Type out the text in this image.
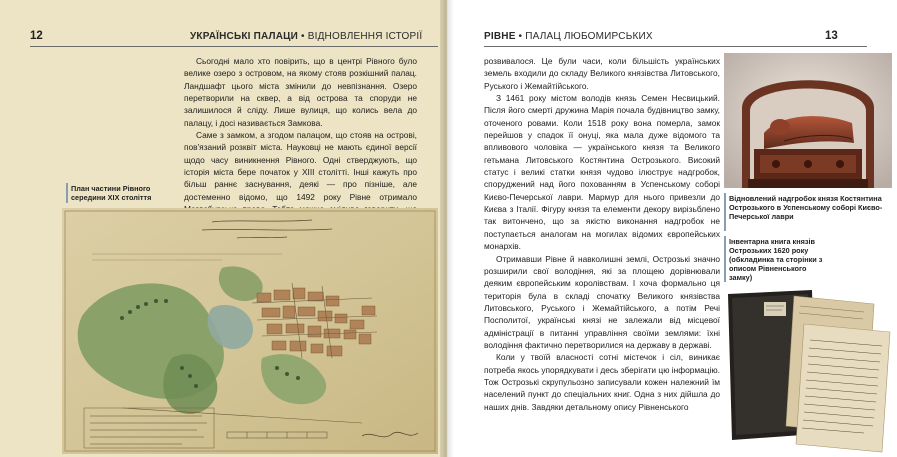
12	УКРАЇНСЬКІ ПАЛАЦИ • ВІДНОВЛЕННЯ ІСТОРІЇ

Сьогодні мало хто повірить, що в центрі Рівного було велике озеро з островом, на якому стояв розкішний палац. Ландшафт цього міста змінили до невпізнання. Озеро перетворили на сквер, а від острова та споруди не залишилося й сліду. Лише вулиця, що колись вела до палацу, і досі називається Замкова.

Саме з замком, а згодом палацом, що стояв на острові, пов'язаний розквіт міста. Науковці не мають єдиної версії щодо часу виникнення Рівного. Одні стверджують, що історія міста бере початок у XIII столітті. Інші кажуть про більш раннє заснування, деякі — про пізніше, але достеменно відомо, що 1492 року Рівне отримало

План частини Рівного середини XIX століття
РІВНЕ • ПАЛАЦ ЛЮБОМИРСЬКИХ	13

розвивалося. Це були часи, коли більшість українських земель входили до складу Великого князівства Литовського, Руського і Жемайтійського.

З 1461 року містом володів князь Семен Несвицький. Після його смерті дружина Марія почала будівництво замку, оточеного ровами. Коли 1518 року вона померла, замок перейшов у спадок її онуці, яка мала дуже відомого та впливового чоловіка — українського князя та Великого гетьмана Литовського Костянтина Острозького. Високий статус і великі статки князя чудово ілюструє надгробок, споруджений над його похованням в Успенському соборі Києво-Печерської лаври. Мармур для нього привезли до Києва з Італії. Фігуру князя та елементи декору вирізьблено так витончено, що за якістю виконання надгробок не поступається аналогам на могилах відомих європейських монархів.

Отримавши Рівне й навколишні землі, Острозькі значно розширили свої володіння, які за площею дорівнювали деяким європейським королівствам. І хоча формально ця територія була в складі спочатку Великого князівства Литовського, Руського і Жемайтійського, а потім Речі Посполитої, українські князі не залежали від місцевої адміністрації в питанні управління своїми землями: їхні володіння фактично перетворилися на державу в державі.

Коли у твоїй власності сотні містечок і сіл, виникає потреба якось упорядкувати і десь зберігати цю інформацію. Тож Острозькі скрупульозно записували кожен належний їм населений пункт до спеціальних книг. Одна з них дійшла до наших днів. Завдяки детальному опису Рівненського

Відновлений надгробок князя Костянтина Острозького в Успенському соборі Києво-Печерської лаври
Інвентарна книга князів Острозьких 1620 року (обкладинка та сторінки з описом Рівненського замку)
